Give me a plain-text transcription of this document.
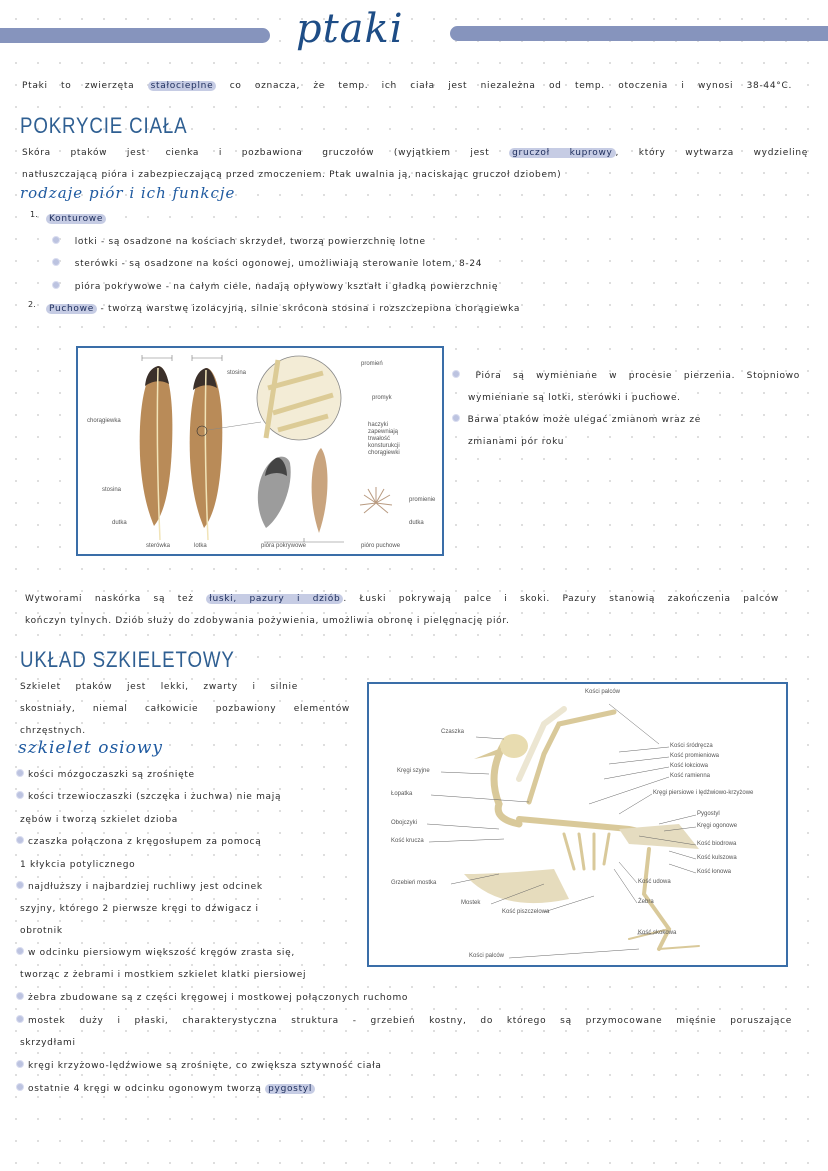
ptaki
Ptaki to zwierzęta stałocieplne co oznacza, że temp. ich ciała jest niezależna od temp. otoczenia i wynosi 38-44°C.
POKRYCIE CIAŁA
Skóra ptaków jest cienka i pozbawiona gruczołów (wyjątkiem jest	gruczoł kuprowy , który wytwarza wydzielinę
natłuszczającą pióra i zabezpieczającą przed zmoczeniem. Ptak uwalnia ją, naciskając gruczoł dziobem)
rodzaje piór i ich funkcje
1.	Konturowe
lotki - są osadzone na kościach skrzydeł, tworzą powierzchnię lotne
sterówki - są osadzone na kości ogonowej, umożliwiają sterowanie lotem, 8-24
pióra pokrywowe - na całym ciele, nadają opływowy kształt i gładką powierzchnię
2.	Puchowe - tworzą warstwę izolacyjną, silnie skrócona stosina i rozszczepiona chorągiewka
chorągiewka
stosina
promień
promyk
haczyki
zapewniają
trwałość
konsturukcji
chorągiewki
stosina
dutka
promienie
dutka
sterówka	lotka	pióra pokrywowe	pióro puchowe
Pióra są wymieniane w procesie pierzenia. Stopniowo
wymieniane są lotki, sterówki i puchowe.
Barwa ptaków może ulegać zmianom wraz ze
zmianami pór roku
Wytworami naskórka są też łuski, pazury i dziób . Łuski pokrywają palce i skoki. Pazury stanowią zakończenia palców
kończyn tylnych. Dziób służy do zdobywania pożywienia, umożliwia obronę i pielęgnację piór.
UKŁAD SZKIELETOWY
Szkielet ptaków jest lekki, zwarty i silnie
skostniały, niemal całkowicie pozbawiony elementów
chrzęstnych.
szkielet osiowy
kości mózgoczaszki są zrośnięte
kości trzewioczaszki (szczęka i żuchwa) nie mają
zębów i tworzą szkielet dzioba
czaszka połączona z kręgosłupem za pomocą
1 kłykcia potylicznego
najdłuższy i najbardziej ruchliwy jest odcinek
szyjny, którego 2 pierwsze kręgi to dźwigacz i
obrotnik
w odcinku piersiowym większość kręgów zrasta się,
tworząc z żebrami i mostkiem szkielet klatki piersiowej
żebra zbudowane są z części kręgowej i mostkowej połączonych ruchomo
mostek duży i płaski, charakterystyczna struktura - grzebień kostny, do którego są przymocowane mięśnie poruszające
skrzydłami
kręgi krzyżowo-lędźwiowe są zrośnięte, co zwiększa sztywność ciała
ostatnie 4 kręgi w odcinku ogonowym tworzą pygostyl
Kości palców
Czaszka
Kręgi szyjne
Łopatka
Obojczyki
Kość krucza
Grzebień mostka
Mostek
Kość piszczelowa
Kości palców
Kości śródręcza
Kość promieniowa
Kość łokciowa
Kość ramienna
Kręgi piersiowe i lędźwiowo-krzyżowe
Pygostyl
Kręgi ogonowe
Kość biodrowa
Kość kulszowa
Kość łonowa
Kość udowa
Żebra
Kość skokowa
